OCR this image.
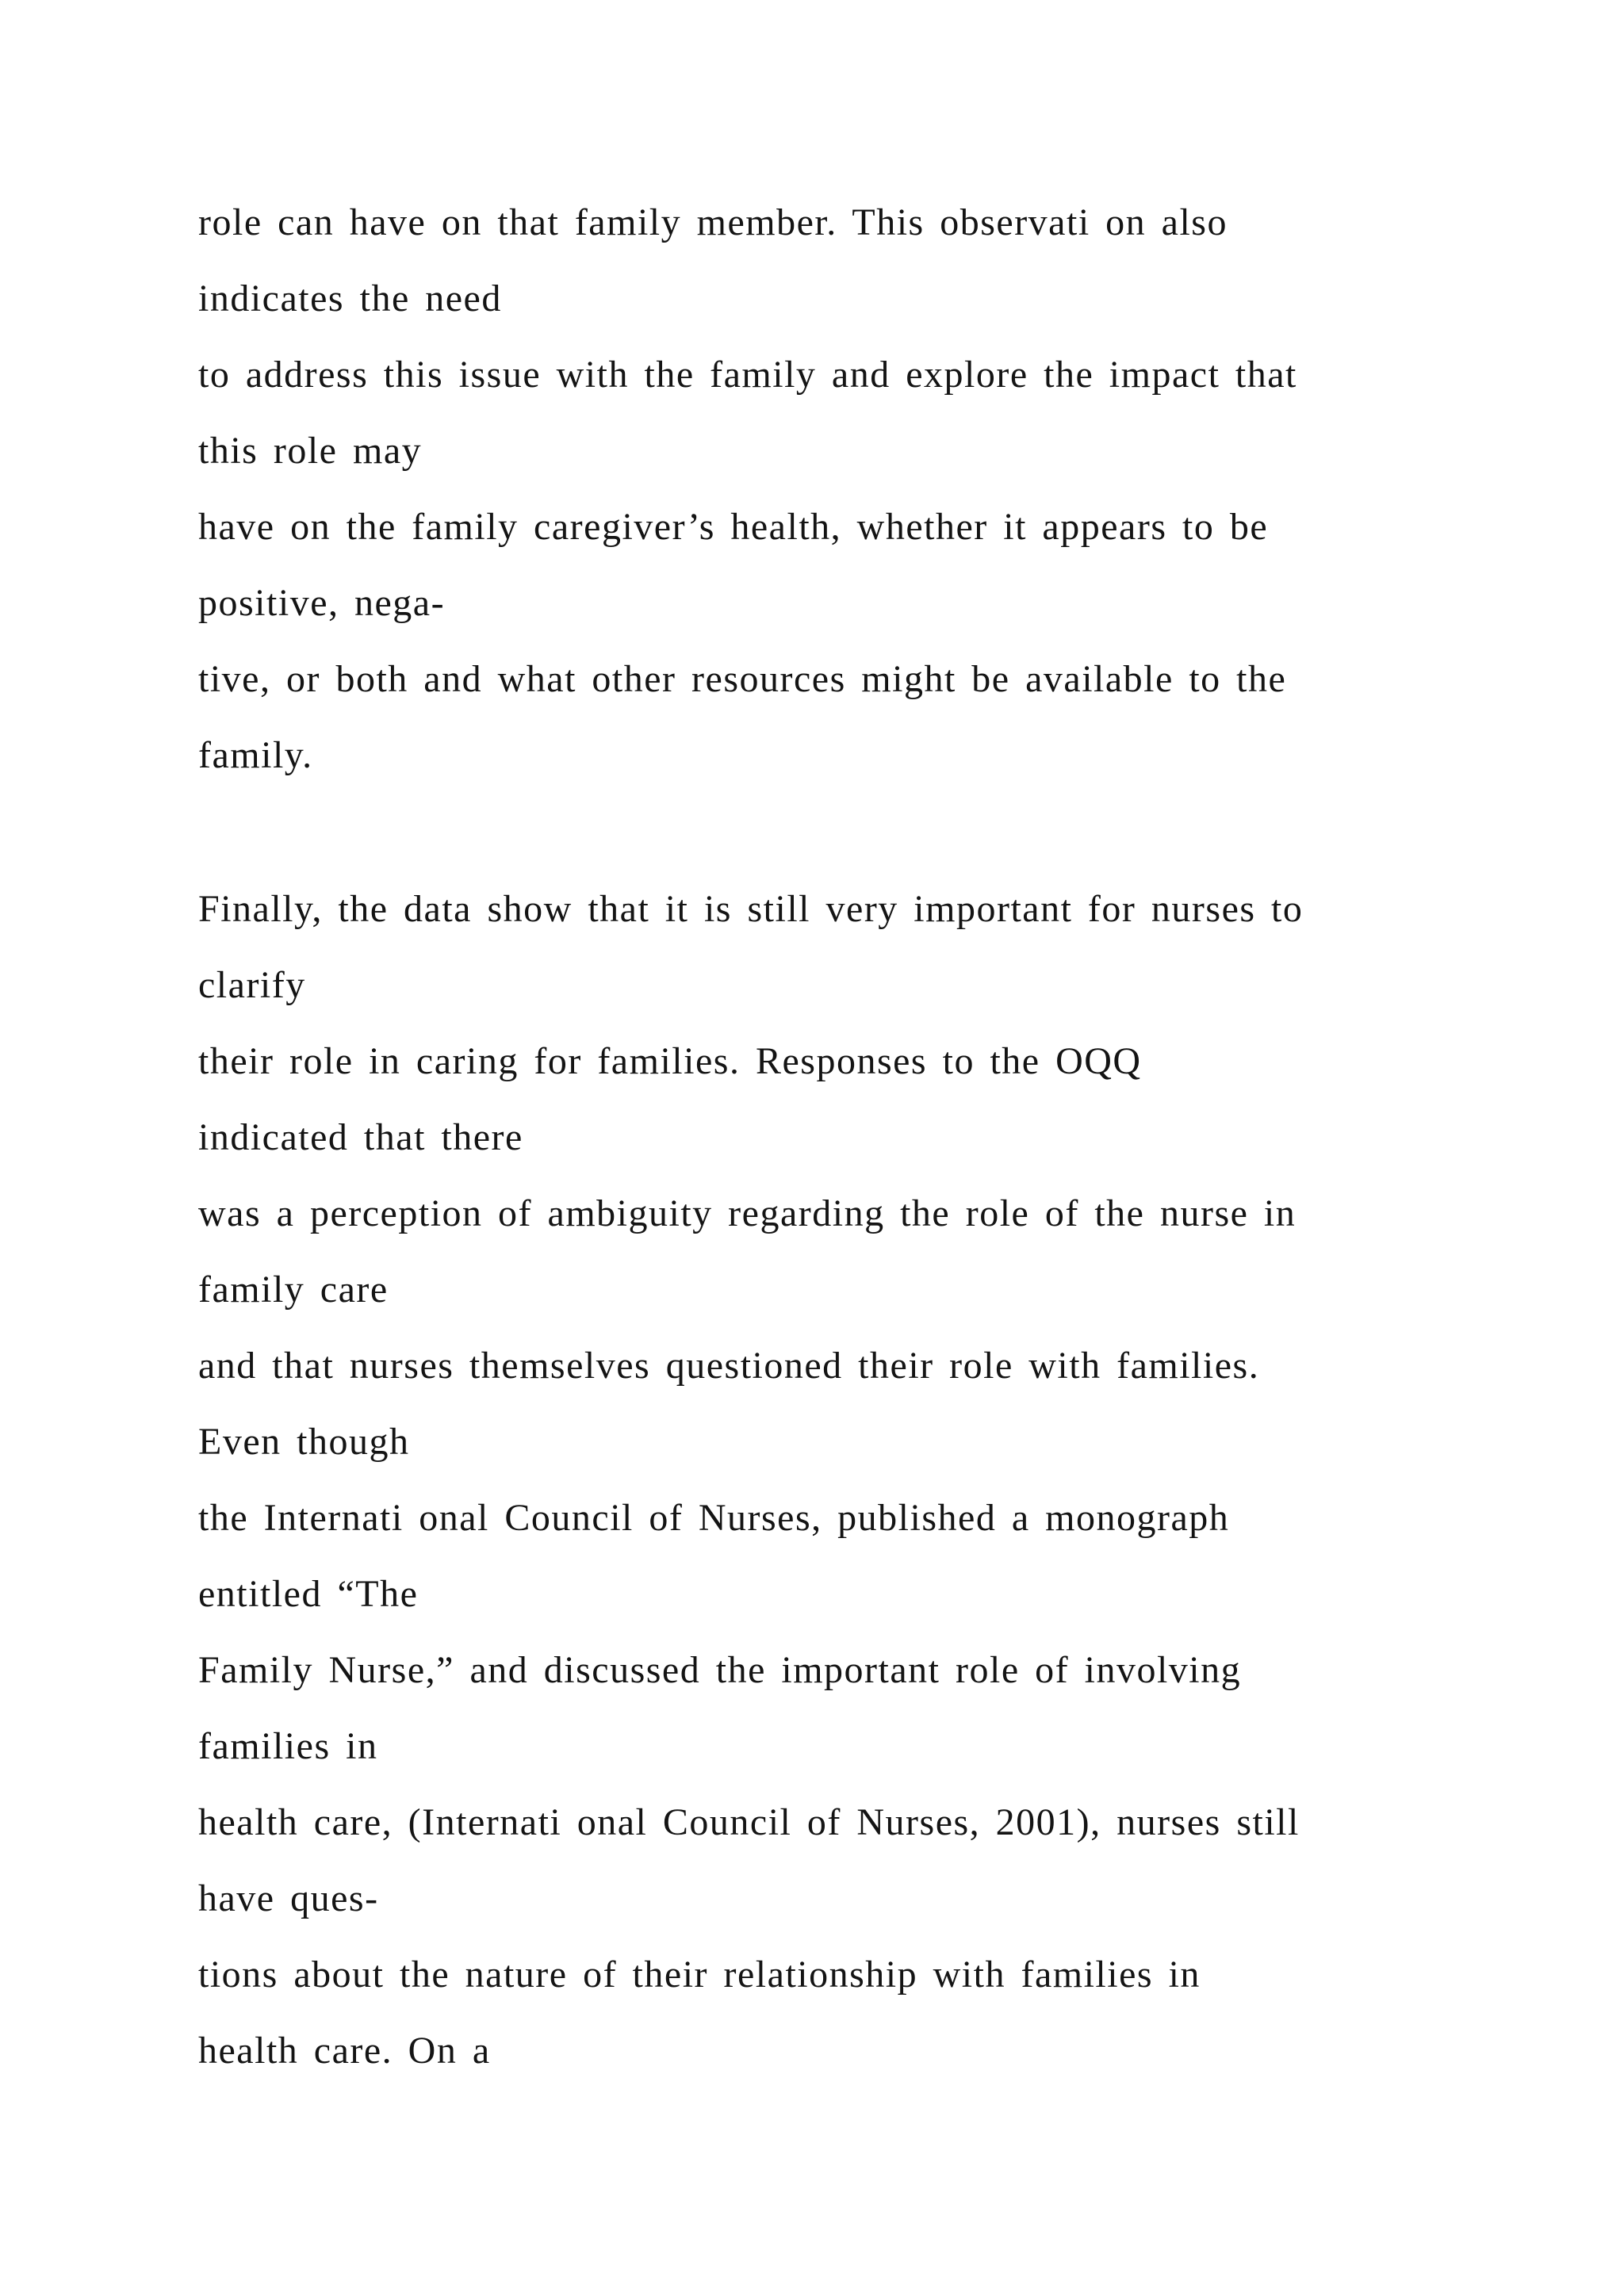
role can have on that family member. This observati on also
indicates the need
to address this issue with the family and explore the impact that
this role may
have on the family caregiver’s health, whether it appears to be
positive, nega-
tive, or both and what other resources might be available to the
family.
Finally, the data show that it is still very important for nurses to
clarify
their role in caring for families. Responses to the OQQ
indicated that there
was a perception of ambiguity regarding the role of the nurse in
family care
and that nurses themselves questioned their role with families.
Even though
the Internati onal Council of Nurses, published a monograph
entitled “The
Family Nurse,” and discussed the important role of involving
families in
health care, (Internati onal Council of Nurses, 2001), nurses still
have ques-
tions about the nature of their relationship with families in
health care. On a
